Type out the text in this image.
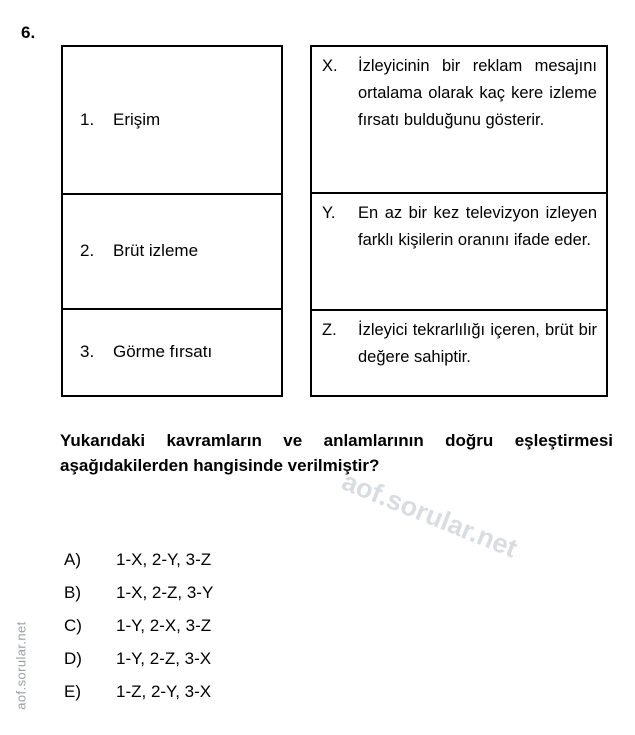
6.
1.	Erişim
2.	Brüt izleme
3.	Görme fırsatı
X.	İzleyicinin bir reklam mesajını ortalama olarak kaç kere izleme fırsatı bulduğunu gösterir.
Y.	En az bir kez televizyon izleyen farklı kişilerin oranını ifade eder.
Z.	İzleyici tekrarlılığı içeren, brüt bir değere sahiptir.
Yukarıdaki kavramların ve anlamlarının doğru eşleştirmesi aşağıdakilerden hangisinde verilmiştir?
A)	1-X, 2-Y, 3-Z
B)	1-X, 2-Z, 3-Y
C)	1-Y, 2-X, 3-Z
D)	1-Y, 2-Z, 3-X
E)	1-Z, 2-Y, 3-X
aof.sorular.net
aof.sorular.net
